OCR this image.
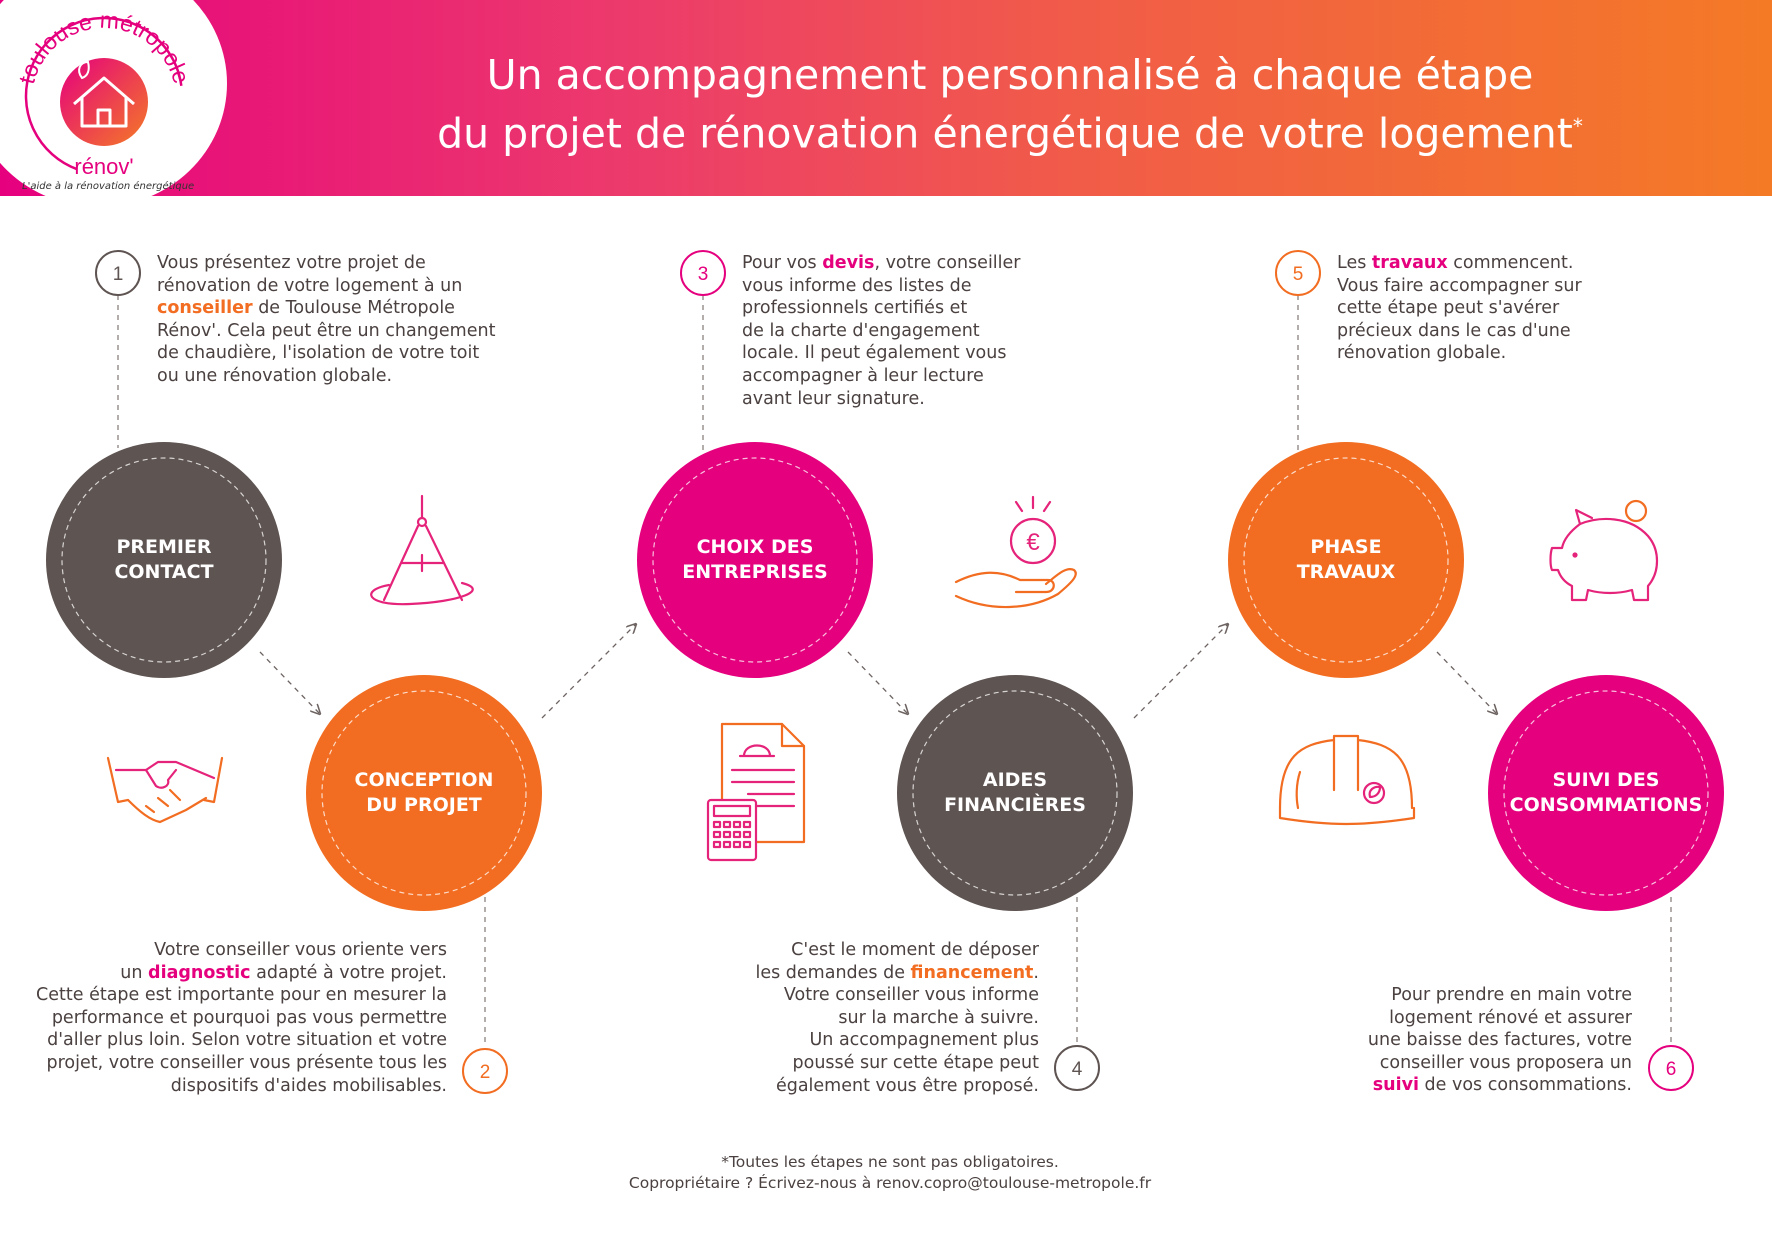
Un accompagnement personnalisé à chaque étape
du projet de rénovation énergétique de votre logement*
toulouse métropole
rénov'
L'aide à la rénovation énergétique
1
2
3
4
5
6
€
PREMIER
CONTACT
CONCEPTION
DU PROJET
CHOIX DES
ENTREPRISES
AIDES
FINANCIÈRES
PHASE
TRAVAUX
SUIVI DES
CONSOMMATIONS
Vous présentez votre projet de
rénovation de votre logement à un
conseiller de Toulouse Métropole
Rénov'. Cela peut être un changement
de chaudière, l'isolation de votre toit
ou une rénovation globale.
Pour vos devis, votre conseiller
vous informe des listes de
professionnels certifiés et
de la charte d'engagement
locale. Il peut également vous
accompagner à leur lecture
avant leur signature.
Les travaux commencent.
Vous faire accompagner sur
cette étape peut s'avérer
précieux dans le cas d'une
rénovation globale.
Votre conseiller vous oriente vers
un diagnostic adapté à votre projet.
Cette étape est importante pour en mesurer la
performance et pourquoi pas vous permettre
d'aller plus loin. Selon votre situation et votre
projet, votre conseiller vous présente tous les
dispositifs d'aides mobilisables.
C'est le moment de déposer
les demandes de financement.
Votre conseiller vous informe
sur la marche à suivre.
Un accompagnement plus
poussé sur cette étape peut
également vous être proposé.
Pour prendre en main votre
logement rénové et assurer
une baisse des factures, votre
conseiller vous proposera un
suivi de vos consommations.
*Toutes les étapes ne sont pas obligatoires.
Copropriétaire ? Écrivez-nous à renov.copro@toulouse-metropole.fr
